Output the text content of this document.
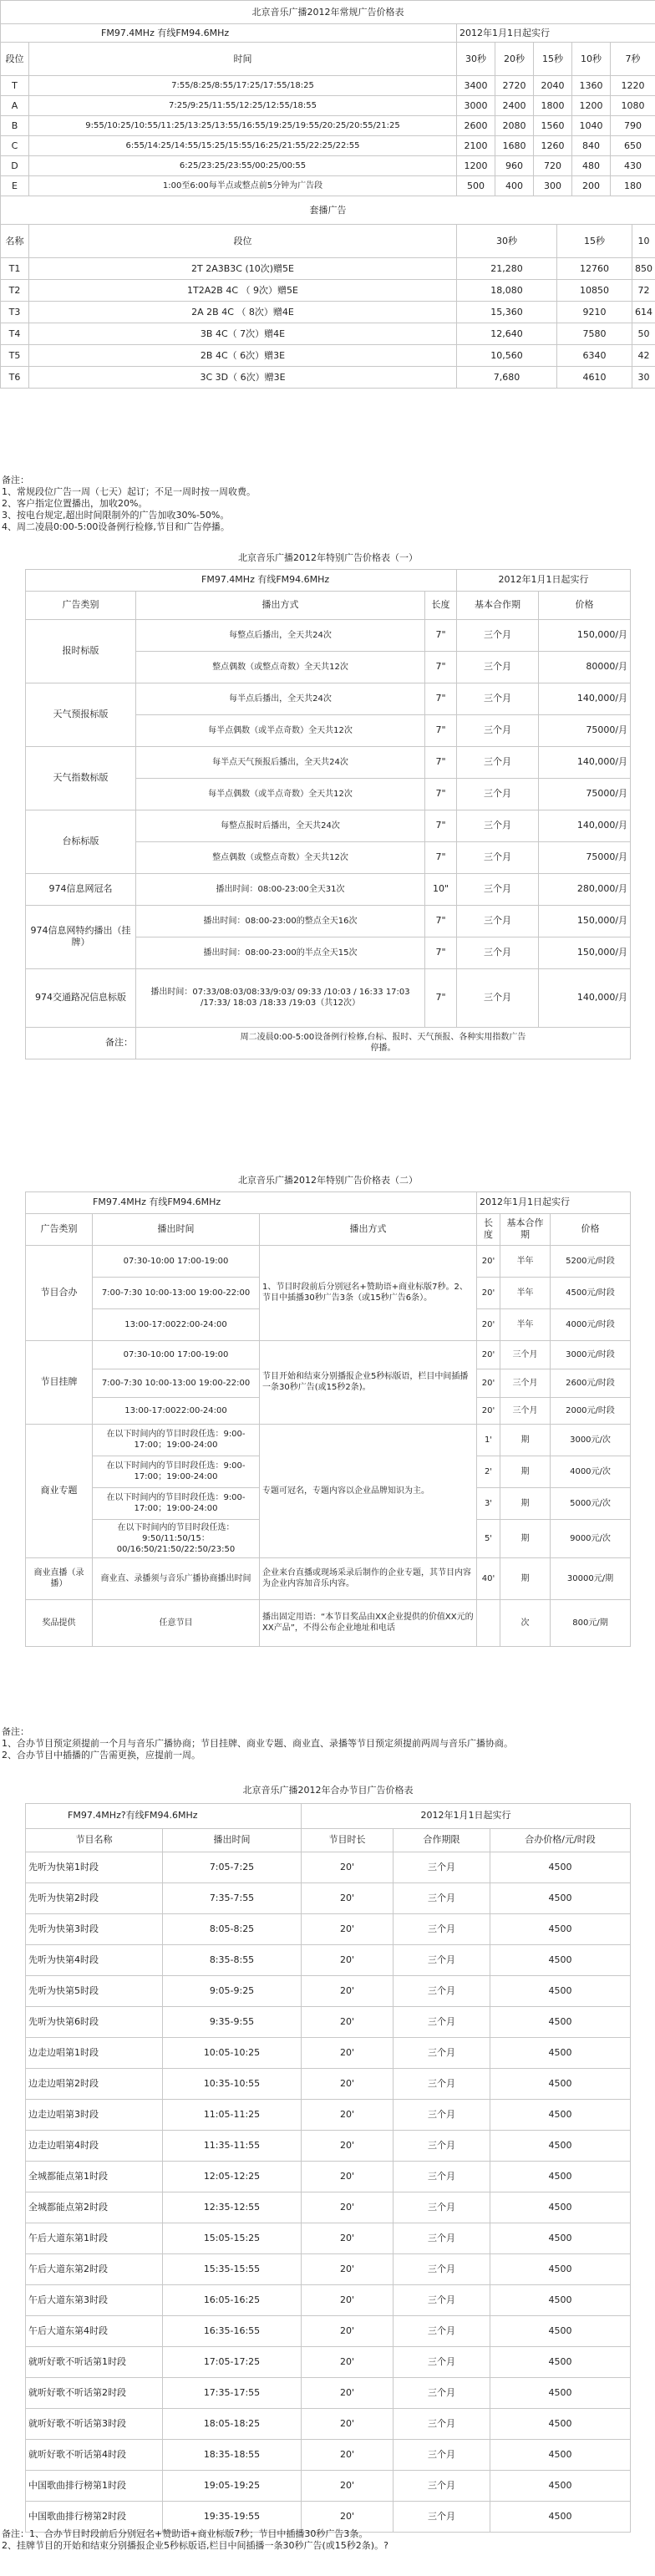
北京音乐广播2012年常规广告价格表						
FM97.4MHz 有线FM94.6MHz		2012年1月1日起实行				
段位	时间	30秒	20秒	15秒	10秒	7秒
T	7:55/8:25/8:55/17:25/17:55/18:25	3400	2720	2040	1360	1220
A	7:25/9:25/11:55/12:25/12:55/18:55	3000	2400	1800	1200	1080
B	9:55/10:25/10:55/11:25/13:25/13:55/16:55/19:25/19:55/20:25/20:55/21:25	2600	2080	1560	1040	790
C	6:55/14:25/14:55/15:25/15:55/16:25/21:55/22:25/22:55	2100	1680	1260	840	650
D	6:25/23:25/23:55/00:25/00:55	1200	960	720	480	430
E	1:00至6:00每半点或整点前5分钟为广告段	500	400	300	200	180
套播广告						
名称	段位	30秒	15秒	10
T1	2T 2A3B3C (10次)赠5E	21,280	12760	850
T2	1T2A2B 4C （ 9次）赠5E	18,080	10850	72
T3	2A 2B 4C （ 8次）赠4E	15,360	9210	614
T4	3B 4C（ 7次）赠4E	12,640	7580	50
T5	2B 4C（ 6次）赠3E	10,560	6340	42
T6	3C 3D（ 6次）赠3E	7,680	4610	30
备注：
1、常规段位广告一周（七天）起订；不足一周时按一周收费。
2、客户指定位置播出，加收20%。
3、按电台规定,超出时间限制外的广告加收30%-50%。
4、周二凌晨0:00-5:00设备例行检修,节目和广告停播。
北京音乐广播2012年特别广告价格表（一）				
FM97.4MHz 有线FM94.6MHz			2012年1月1日起实行	
广告类别	播出方式	长度	基本合作期	价格
报时标版	每整点后播出，全天共24次	7"	三个月	150,000/月
	整点偶数（或整点奇数）全天共12次	7"	三个月	80000/月
天气预报标版	每半点后播出，全天共24次	7"	三个月	140,000/月
	每半点偶数（或半点奇数）全天共12次	7"	三个月	75000/月
天气指数标版	每半点天气预报后播出，全天共24次	7"	三个月	140,000/月
	每半点偶数（或半点奇数）全天共12次	7"	三个月	75000/月
台标标版	每整点报时后播出，全天共24次	7"	三个月	140,000/月
	整点偶数（或整点奇数）全天共12次	7"	三个月	75000/月
974信息网冠名	播出时间：08:00-23:00全天31次	10"	三个月	280,000/月
974信息网特约播出（挂牌）	播出时间：08:00-23:00的整点全天16次	7"	三个月	150,000/月
	播出时间：08:00-23:00的半点全天15次	7"	三个月	150,000/月
974交通路况信息标版	播出时间：07:33/08:03/08:33/9:03/ 09:33 /10:03 / 16:33 17:03 /17:33/ 18:03 /18:33 /19:03（共12次）	7"	三个月	140,000/月
备注：	周二凌晨0:00-5:00设备例行检修,台标、报时、天气预报、各种实用指数广告停播。			
北京音乐广播2012年特别广告价格表（二）					
FM97.4MHz 有线FM94.6MHz			2012年1月1日起实行		
广告类别	播出时间	播出方式	长度	基本合作期	价格
节目合办	07:30-10:00 17:00-19:00	1、节目时段前后分别冠名+赞助语+商业标版7秒。2、节目中插播30秒广告3条（或15秒广告6条）。	20'	半年	5200元/时段
	7:00-7:30 10:00-13:00 19:00-22:00		20'	半年	4500元/时段
	13:00-17:0022:00-24:00		20'	半年	4000元/时段
节目挂牌	07:30-10:00 17:00-19:00	节目开始和结束分别播报企业5秒标版语，栏目中间插播一条30秒广告(或15秒2条)。	20'	三个月	3000元/时段
	7:00-7:30 10:00-13:00 19:00-22:00		20'	三个月	2600元/时段
	13:00-17:0022:00-24:00		20'	三个月	2000元/时段
商业专题	在以下时间内的节目时段任选：9:00-17:00；19:00-24:00	专题可冠名，专题内容以企业品牌知识为主。	1'	期	3000元/次
	在以下时间内的节目时段任选：9:00-17:00；19:00-24:00		2'	期	4000元/次
	在以下时间内的节目时段任选：9:00-17:00；19:00-24:00		3'	期	5000元/次
	在以下时间内的节目时段任选：9:50/11:50/15：00/16:50/21:50/22:50/23:50		5'	期	9000元/次
商业直播（录播）	商业直、录播须与音乐广播协商播出时间	企业来台直播或现场采录后制作的企业专题，其节目内容为企业内容加音乐内容。	40'	期	30000元/期
奖品提供	任意节目	播出固定用语：“本节目奖品由XX企业提供的价值XX元的XX产品”，不得公布企业地址和电话		次	800元/期
备注：
1、合办节目预定须提前一个月与音乐广播协商；节目挂牌、商业专题、商业直、录播等节目预定须提前两周与音乐广播协商。
2、合办节目中插播的广告需更换，应提前一周。
北京音乐广播2012年合办节目广告价格表				
FM97.4MHz?有线FM94.6MHz		2012年1月1日起实行		
节目名称	播出时间	节目时长	合作期限	合办价格/元/时段
先听为快第1时段	7:05-7:25	20'	三个月	4500
先听为快第2时段	7:35-7:55	20'	三个月	4500
先听为快第3时段	8:05-8:25	20'	三个月	4500
先听为快第4时段	8:35-8:55	20'	三个月	4500
先听为快第5时段	9:05-9:25	20'	三个月	4500
先听为快第6时段	9:35-9:55	20'	三个月	4500
边走边唱第1时段	10:05-10:25	20'	三个月	4500
边走边唱第2时段	10:35-10:55	20'	三个月	4500
边走边唱第3时段	11:05-11:25	20'	三个月	4500
边走边唱第4时段	11:35-11:55	20'	三个月	4500
全城都能点第1时段	12:05-12:25	20'	三个月	4500
全城都能点第2时段	12:35-12:55	20'	三个月	4500
午后大道东第1时段	15:05-15:25	20'	三个月	4500
午后大道东第2时段	15:35-15:55	20'	三个月	4500
午后大道东第3时段	16:05-16:25	20'	三个月	4500
午后大道东第4时段	16:35-16:55	20'	三个月	4500
就听好歌不听话第1时段	17:05-17:25	20'	三个月	4500
就听好歌不听话第2时段	17:35-17:55	20'	三个月	4500
就听好歌不听话第3时段	18:05-18:25	20'	三个月	4500
就听好歌不听话第4时段	18:35-18:55	20'	三个月	4500
中国歌曲排行榜第1时段	19:05-19:25	20'	三个月	4500
中国歌曲排行榜第2时段	19:35-19:55	20'	三个月	4500
备注：1、合办节目时段前后分别冠名+赞助语+商业标版7秒；节目中插播30秒广告3条。
2、挂牌节目的开始和结束分别播报企业5秒标版语,栏目中间插播一条30秒广告(或15秒2条)。?
